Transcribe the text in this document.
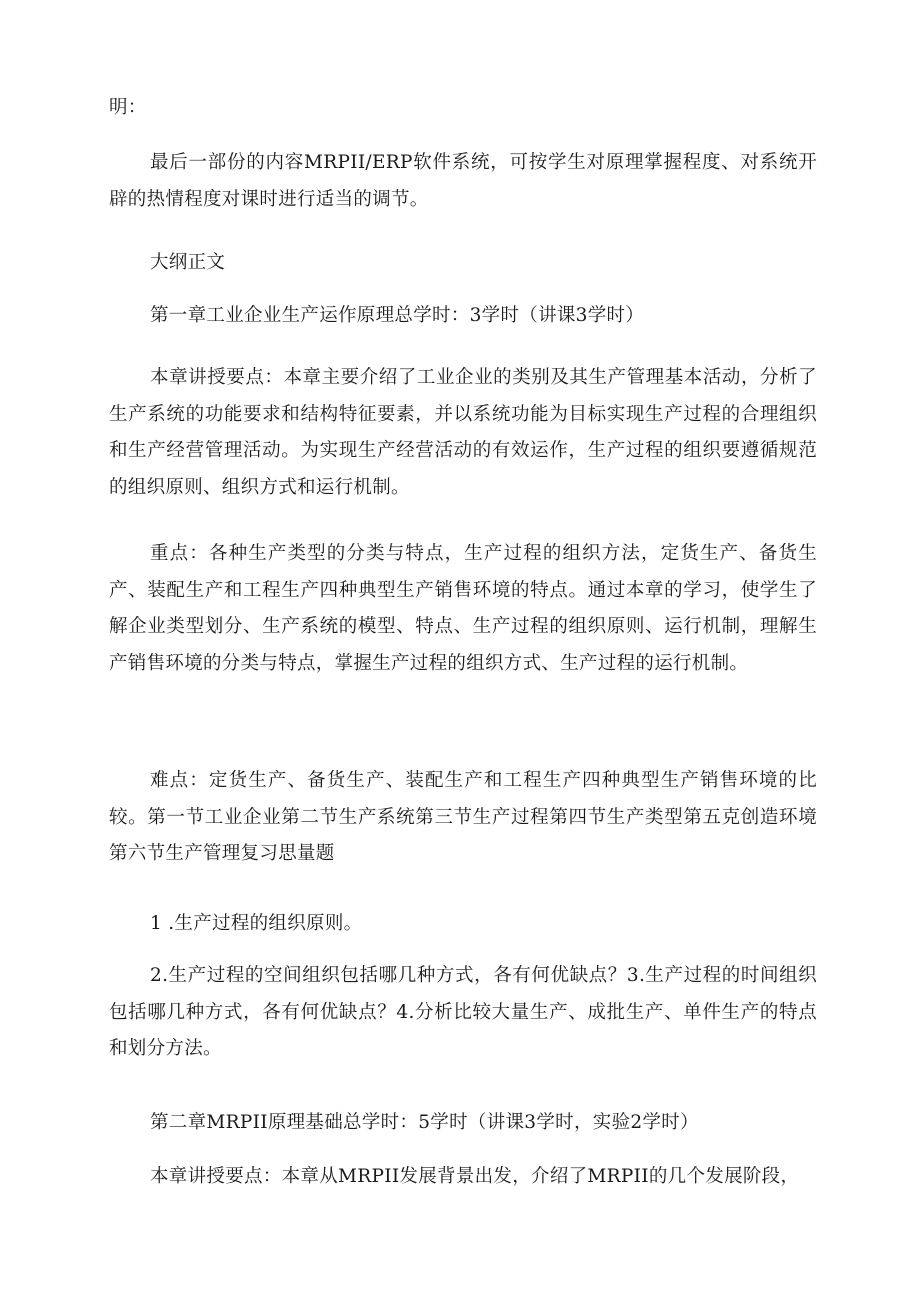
明：

最后一部份的内容MRPII/ERP软件系统，可按学生对原理掌握程度、对系统开辟的热情程度对课时进行适当的调节。

大纲正文

第一章工业企业生产运作原理总学时：3学时（讲课3学时）

本章讲授要点：本章主要介绍了工业企业的类别及其生产管理基本活动，分析了生产系统的功能要求和结构特征要素，并以系统功能为目标实现生产过程的合理组织和生产经营管理活动。为实现生产经营活动的有效运作，生产过程的组织要遵循规范的组织原则、组织方式和运行机制。

重点：各种生产类型的分类与特点，生产过程的组织方法，定货生产、备货生产、装配生产和工程生产四种典型生产销售环境的特点。通过本章的学习，使学生了解企业类型划分、生产系统的模型、特点、生产过程的组织原则、运行机制，理解生产销售环境的分类与特点，掌握生产过程的组织方式、生产过程的运行机制。

难点：定货生产、备货生产、装配生产和工程生产四种典型生产销售环境的比较。第一节工业企业第二节生产系统第三节生产过程第四节生产类型第五克创造环境第六节生产管理复习思量题

1 .生产过程的组织原则。

2.生产过程的空间组织包括哪几种方式，各有何优缺点？3.生产过程的时间组织包括哪几种方式，各有何优缺点？4.分析比较大量生产、成批生产、单件生产的特点和划分方法。

第二章MRPII原理基础总学时：5学时（讲课3学时，实验2学时）

本章讲授要点：本章从MRPII发展背景出发，介绍了MRPII的几个发展阶段，
